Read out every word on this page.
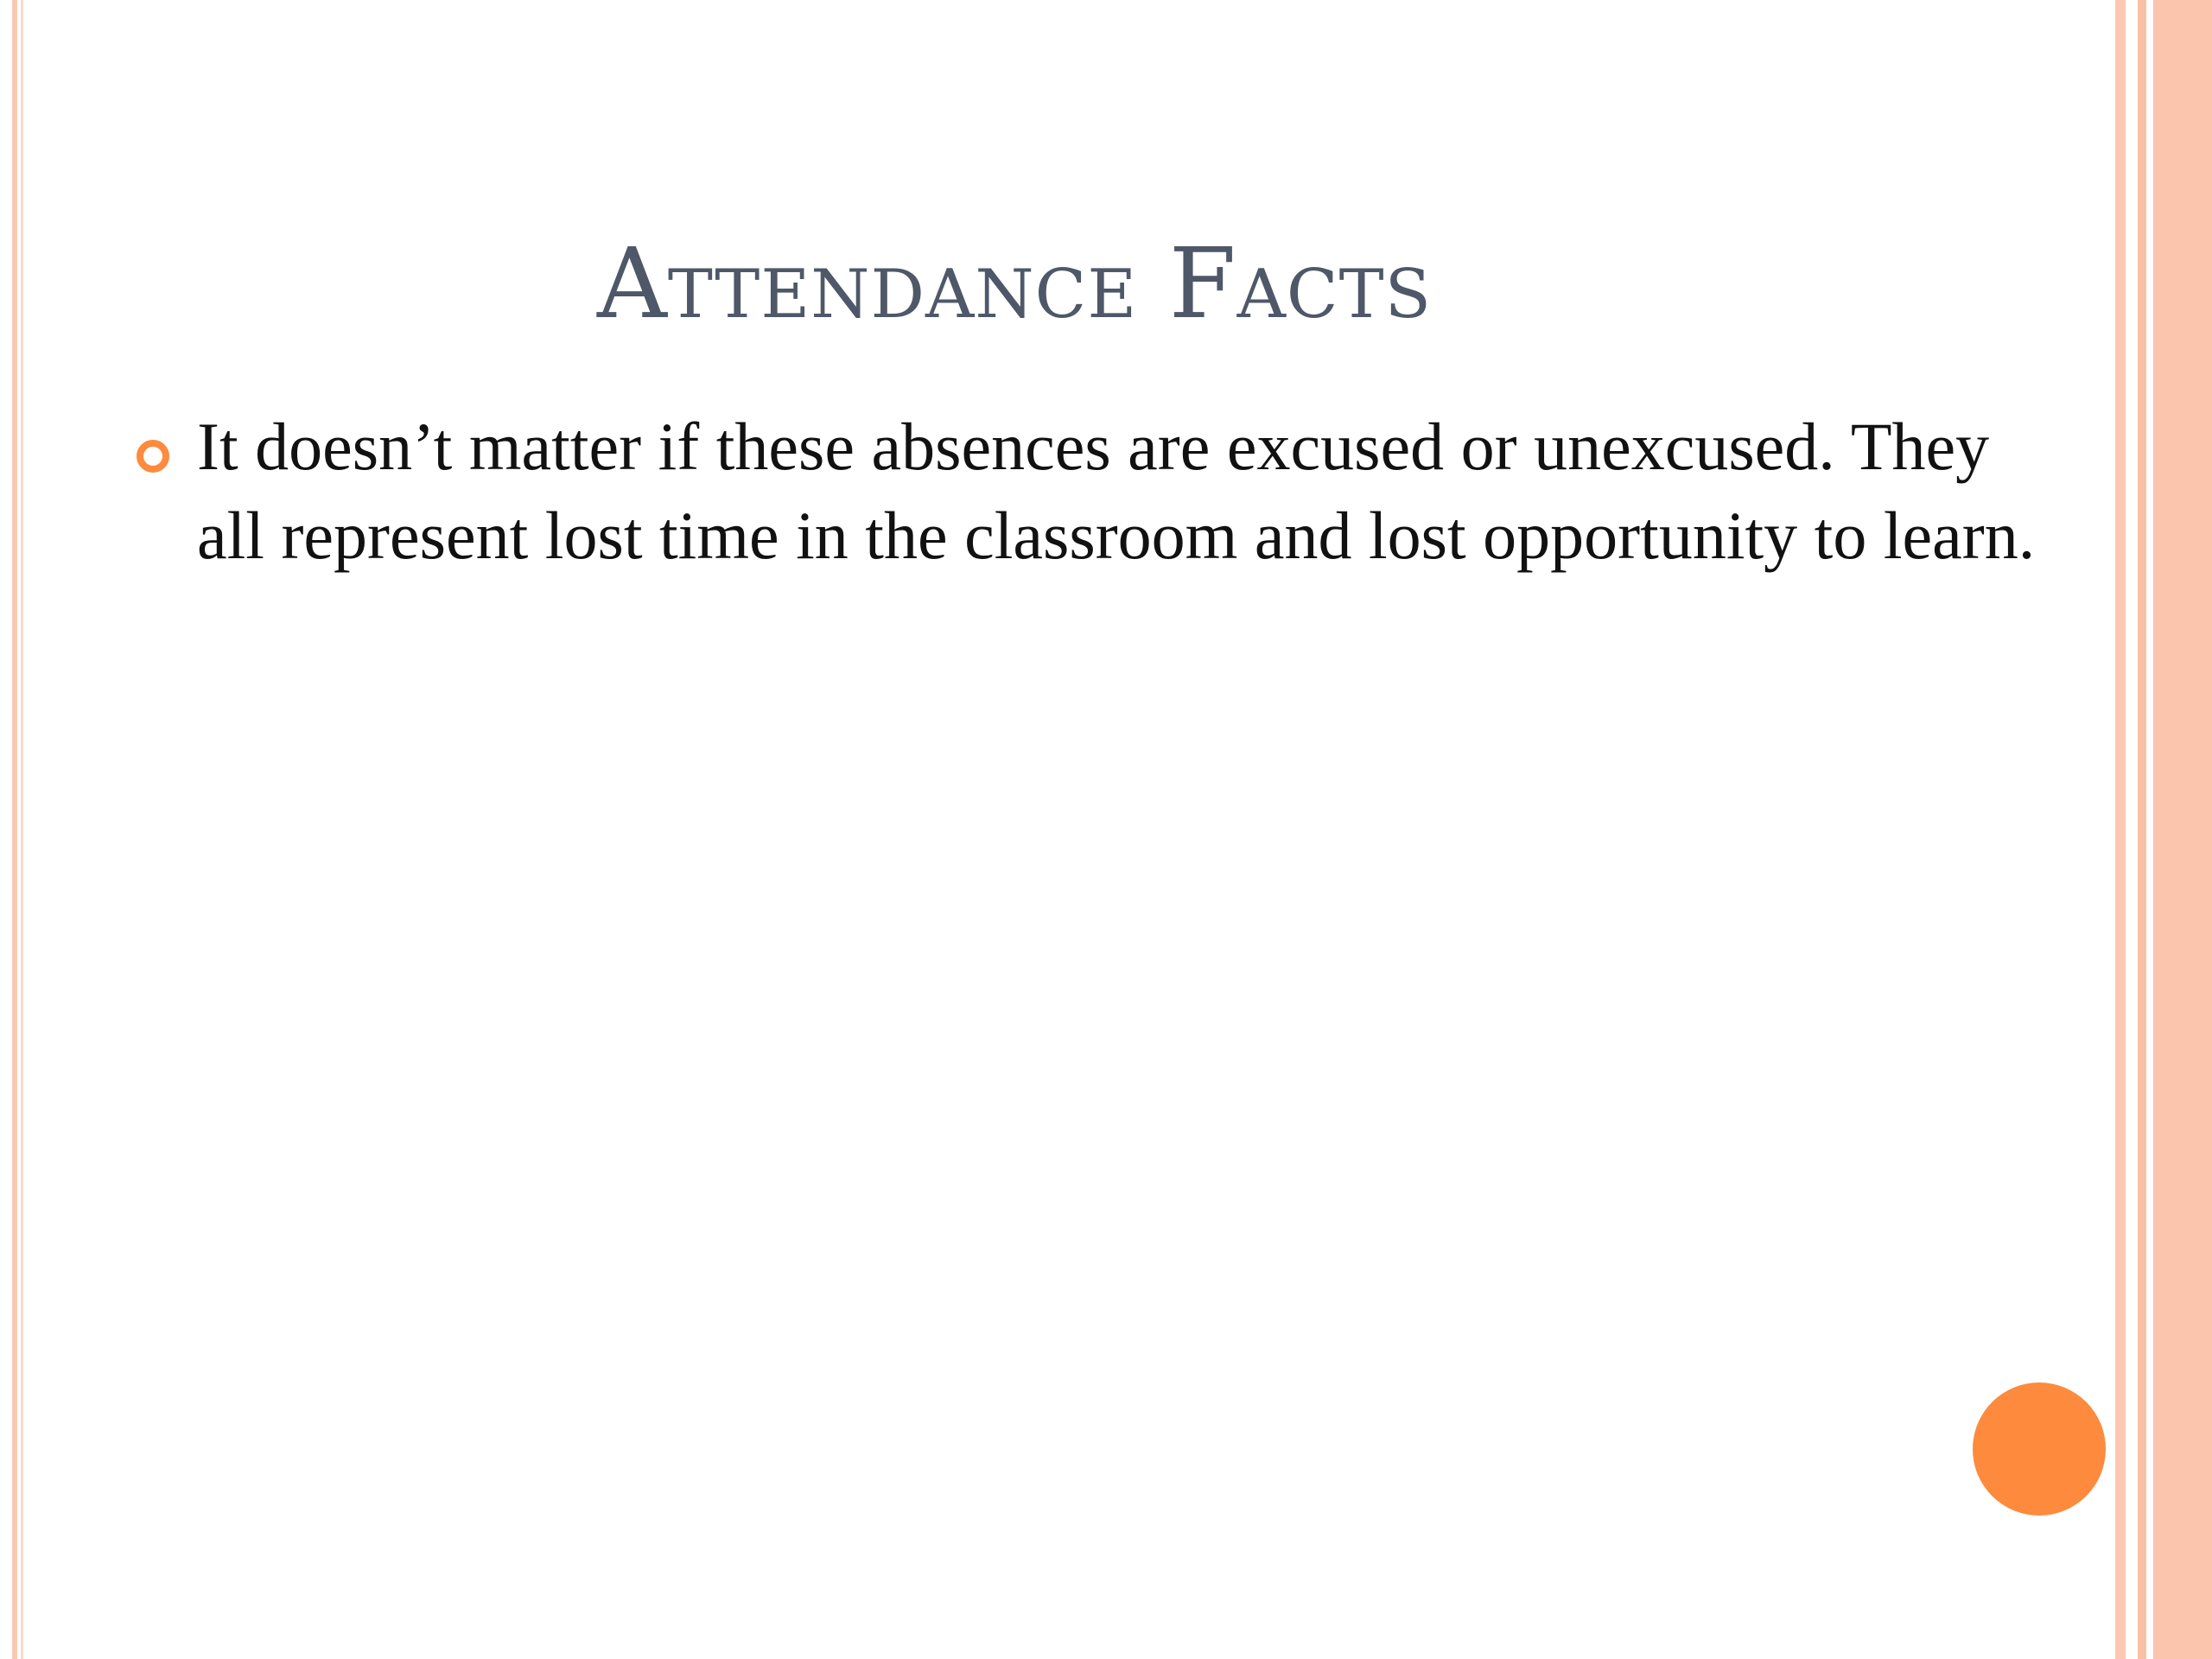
Attendance Facts
It doesn’t matter if these absences are excused or unexcused. They all represent lost time in the classroom and lost opportunity to learn.
